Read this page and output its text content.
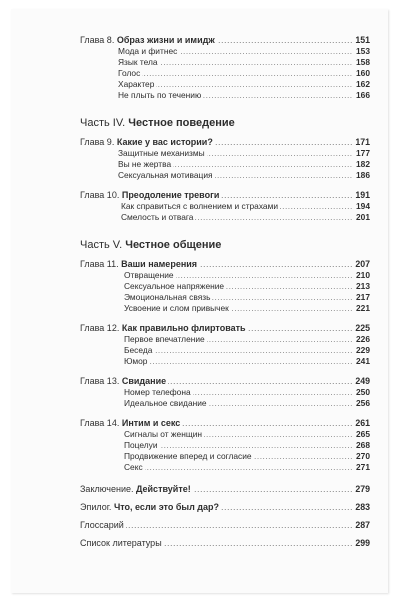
.....
Глава 8. Образ жизни и имидж	151
.....
Мода и фитнес	153
.....
Язык тела	158
.....
Голос	160
.....
Характер	162
.....
Не плыть по течению	166
Часть IV. Честное поведение
.....
Глава 9. Какие у вас истории?	171
.....
Защитные механизмы	177
.....
Вы не жертва	182
.....
Сексуальная мотивация	186
.....
Глава 10. Преодоление тревоги	191
.....
Как справиться с волнением и страхами	194
.....
Смелость и отвага	201
Часть V. Честное общение
.....
Глава 11. Ваши намерения	207
.....
Отвращение	210
.....
Сексуальное напряжение	213
.....
Эмоциональная связь	217
.....
Усвоение и слом привычек	221
.....
Глава 12. Как правильно флиртовать	225
.....
Первое впечатление	226
.....
Беседа	229
.....
Юмор	241
.....
Глава 13. Свидание	249
.....
Номер телефона	250
.....
Идеальное свидание	256
.....
Глава 14. Интим и секс	261
.....
Сигналы от женщин	265
.....
Поцелуи	268
.....
Продвижение вперед и согласие	270
.....
Секс	271
.....
Заключение. Действуйте!	279
.....
Эпилог. Что, если это был дар?	283
.....
Глоссарий	287
.....
Список литературы	299
